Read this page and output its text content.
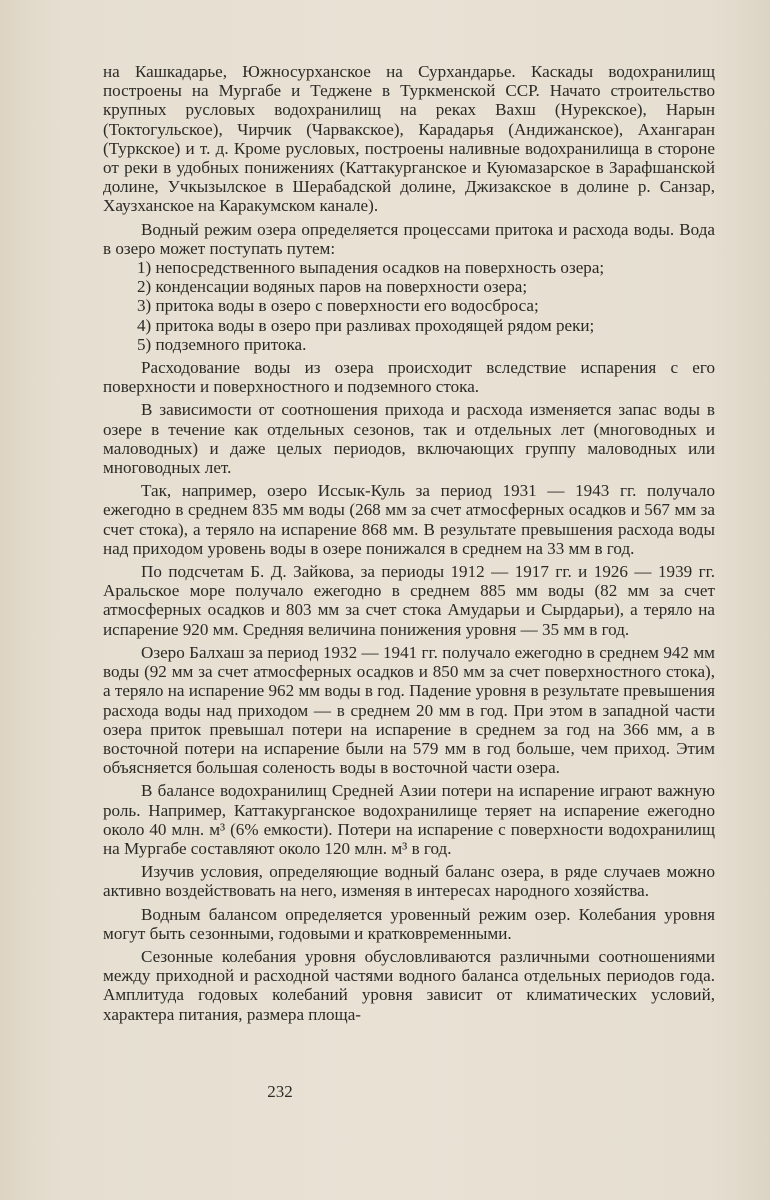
на Кашкадарье, Южносурханское на Сурхандарье. Каскады водохранилищ построены на Мургабе и Теджене в Туркменской ССР. Начато строительство крупных русловых водохранилищ на реках Вахш (Нурекское), Нарын (Токтогульское), Чирчик (Чарвакское), Карадарья (Андижанское), Ахангаран (Туркское) и т. д. Кроме русловых, построены наливные водохранилища в стороне от реки в удобных понижениях (Каттакурганское и Куюмазарское в Зарафшанской долине, Учкызылское в Шерабадской долине, Джизакское в долине р. Санзар, Хаузханское на Каракумском канале).

Водный режим озера определяется процессами притока и расхода воды. Вода в озеро может поступать путем:

1) непосредственного выпадения осадков на поверхность озера;
2) конденсации водяных паров на поверхности озера;
3) притока воды в озеро с поверхности его водосброса;
4) притока воды в озеро при разливах проходящей рядом реки;
5) подземного притока.

Расходование воды из озера происходит вследствие испарения с его поверхности и поверхностного и подземного стока.

В зависимости от соотношения прихода и расхода изменяется запас воды в озере в течение как отдельных сезонов, так и отдельных лет (многоводных и маловодных) и даже целых периодов, включающих группу маловодных или многоводных лет.

Так, например, озеро Иссык-Куль за период 1931 — 1943 гг. получало ежегодно в среднем 835 мм воды (268 мм за счет атмосферных осадков и 567 мм за счет стока), а теряло на испарение 868 мм. В результате превышения расхода воды над приходом уровень воды в озере понижался в среднем на 33 мм в год.

По подсчетам Б. Д. Зайкова, за периоды 1912 — 1917 гг. и 1926 — 1939 гг. Аральское море получало ежегодно в среднем 885 мм воды (82 мм за счет атмосферных осадков и 803 мм за счет стока Амударьи и Сырдарьи), а теряло на испарение 920 мм. Средняя величина понижения уровня — 35 мм в год.

Озеро Балхаш за период 1932 — 1941 гг. получало ежегодно в среднем 942 мм воды (92 мм за счет атмосферных осадков и 850 мм за счет поверхностного стока), а теряло на испарение 962 мм воды в год. Падение уровня в результате превышения расхода воды над приходом — в среднем 20 мм в год. При этом в западной части озера приток превышал потери на испарение в среднем за год на 366 мм, а в восточной потери на испарение были на 579 мм в год больше, чем приход. Этим объясняется большая соленость воды в восточной части озера.

В балансе водохранилищ Средней Азии потери на испарение играют важную роль. Например, Каттакурганское водохранилище теряет на испарение ежегодно около 40 млн. м³ (6% емкости). Потери на испарение с поверхности водохранилищ на Мургабе составляют около 120 млн. м³ в год.

Изучив условия, определяющие водный баланс озера, в ряде случаев можно активно воздействовать на него, изменяя в интересах народного хозяйства.

Водным балансом определяется уровенный режим озер. Колебания уровня могут быть сезонными, годовыми и кратковременными.

Сезонные колебания уровня обусловливаются различными соотношениями между приходной и расходной частями водного баланса отдельных периодов года. Амплитуда годовых колебаний уровня зависит от климатических условий, характера питания, размера площа-

232
